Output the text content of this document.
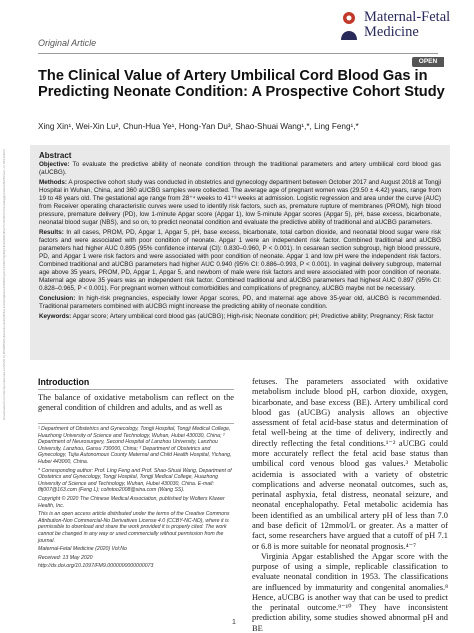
Downloaded from http://journals.lww.com/mfm by BhDMf5ePHKav1zEoum1tQfN4a+kJLhEZgbsIHo4XMi0hCywCX1AWnYQp/IlQrHD3i3D0OdRyi7TvSFl4Cf3VC1y0abggQZXdtwnfKZBYtws= on 06/11/2024
Original Article
Maternal-Fetal
Medicine
OPEN
The Clinical Value of Artery Umbilical Cord Blood Gas in Predicting Neonate Condition: A Prospective Cohort Study
Xing Xin¹, Wei-Xin Lu², Chun-Hua Ye¹, Hong-Yan Du³, Shao-Shuai Wang¹,*, Ling Feng¹,*
Abstract

Objective: To evaluate the predictive ability of neonate condition through the traditional parameters and artery umbilical cord blood gas (aUCBG).

Methods: A prospective cohort study was conducted in obstetrics and gynecology department between October 2017 and August 2018 at Tongji Hospital in Wuhan, China, and 360 aUCBG samples were collected. The average age of pregnant women was (29.50 ± 4.42) years, range from 19 to 48 years old. The gestational age range from 28⁺⁴ weeks to 41⁺³ weeks at admission. Logistic regression and area under the curve (AUC) from Receiver operating characteristic curves were used to identify risk factors, such as, premature rupture of membranes (PROM), high blood pressure, premature delivery (PD), low 1-minute Apgar score (Apgar 1), low 5-minute Apgar scores (Apgar 5), pH, base excess, bicarbonate, neonatal blood sugar (NBS), and so on, to predict neonatal condition and evaluate the predictive ability of traditional and aUCBG parameters.

Results: In all cases, PROM, PD, Apgar 1, Apgar 5, pH, base excess, bicarbonate, total carbon dioxide, and neonatal blood sugar were risk factors and were associated with poor condition of neonate. Apgar 1 were an independent risk factor. Combined traditional and aUCBG parameters had higher AUC 0.895 (95% confidence interval (CI): 0.830–0.960, P < 0.001). In cesarean section subgroup, high blood pressure, PD, and Apgar 1 were risk factors and were associated with poor condition of neonate. Apgar 1 and low pH were the independent risk factors. Combined traditional and aUCBG parameters had higher AUC 0.940 (95% CI: 0.886–0.993, P < 0.001). In vaginal delivery subgroup, maternal age above 35 years, PROM, PD, Apgar 1, Apgar 5, and newborn of male were risk factors and were associated with poor condition of neonate. Maternal age above 35 years was an independent risk factor. Combined traditional and aUCBG parameters had highest AUC 0.897 (95% CI: 0.828–0.965, P < 0.001). For pregnant women without comorbidities and complications of pregnancy, aUCBG maybe not be necessary.

Conclusion: In high-risk pregnancies, especially lower Apgar scores, PD, and maternal age above 35-year old, aUCBG is recommended. Traditional parameters combined with aUCBG might increase the predicting ability of neonate condition.

Keywords: Apgar score; Artery umbilical cord blood gas (aUCBG); High-risk; Neonate condition; pH; Predictive ability; Pregnancy; Risk factor

Introduction
The balance of oxidative metabolism can reflect on the general condition of children and adults, and as well as

¹ Department of Obstetrics and Gynecology, Tongji Hospital, Tongji Medical College, Huazhong University of Science and Technology, Wuhan, Hubei 430030, China; ² Department of Neurosurgery, Second Hospital of Lanzhou University, Lanzhou University, Lanzhou, Gansu 730000, China; ³ Department of Obstetrics and Gynecology, Tujia Autonomous County Maternal and Child Health Hospital, Yichang, Hubei 443000, China.

* Corresponding author: Prof. Ling Feng and Prof. Shao-Shuai Wang, Department of Obstetrics and Gynecology, Tongji Hospital, Tongji Medical College, Huazhong University of Science and Technology, Wuhan, Hubei 430030, China. E-mail: fltj007@163.com (Feng L); colintoo2008@sina.com (Wang SS).

Copyright © 2020 The Chinese Medical Association, published by Wolters Kluwer Health, Inc.

This is an open access article distributed under the terms of the Creative Commons Attribution-Non Commercial-No Derivatives License 4.0 (CCBY-NC-ND), where it is permissible to download and share the work provided it is properly cited. The work cannot be changed in any way or used commercially without permission from the journal.

Maternal-Fetal Medicine (2020) Vol:No

Received: 13 May 2020

http://dx.doi.org/10.1097/FM9.0000000000000073

fetuses. The parameters associated with oxidative metabolism include blood pH, carbon dioxide, oxygen, bicarbonate, and base excess (BE). Artery umbilical cord blood gas (aUCBG) analysis allows an objective assessment of fetal acid-base status and determination of fetal well-being at the time of delivery, indirectly and directly reflecting the fetal conditions.¹⁻² aUCBG could more accurately reflect the fetal acid base status than umbilical cord venous blood gas values.³ Metabolic acidemia is associated with a variety of obstetric complications and adverse neonatal outcomes, such as, perinatal asphyxia, fetal distress, neonatal seizure, and neonatal encephalopathy. Fetal metabolic acidemia has been identified as an umbilical artery pH of less than 7.0 and base deficit of 12mmol/L or greater. As a matter of fact, some researchers have argued that a cutoff of pH 7.1 or 6.8 is more suitable for neonatal prognosis.⁴⁻⁷

Virginia Apgar established the Apgar score with the purpose of using a simple, replicable classification to evaluate neonatal condition in 1953. The classifications are influenced by immaturity and congenital anomalies.⁸ Hence, aUCBG is another way that can be used to predict the perinatal outcome.⁹⁻¹⁰ They have inconsistent prediction ability, some studies showed abnormal pH and BE

1
